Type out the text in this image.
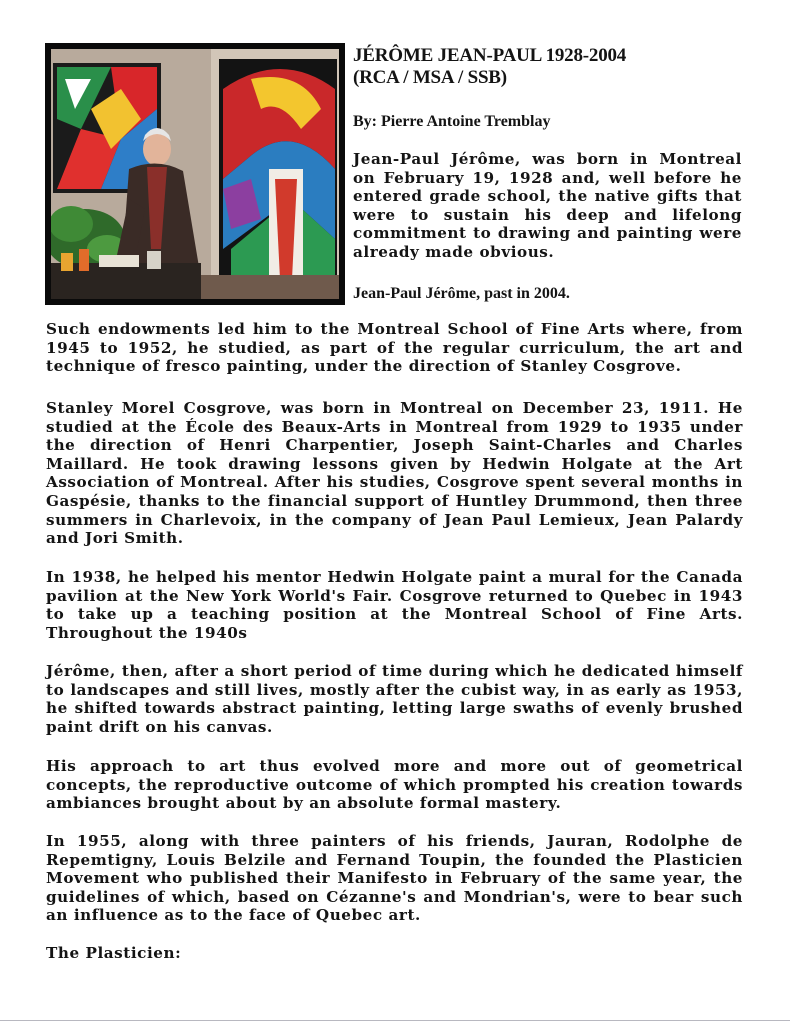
JÉRÔME JEAN-PAUL 1928-2004
(RCA / MSA / SSB)

By: Pierre Antoine Tremblay

Jean-Paul Jérôme, was born in Montreal on February 19, 1928 and, well before he entered grade school, the native gifts that were to sustain his deep and lifelong commitment to drawing and painting were already made obvious.

Jean-Paul Jérôme, past in 2004.

Such endowments led him to the Montreal School of Fine Arts where, from 1945 to 1952, he studied, as part of the regular curriculum, the art and technique of fresco painting, under the direction of Stanley Cosgrove.

Stanley Morel Cosgrove, was born in Montreal on December 23, 1911. He studied at the École des Beaux-Arts in Montreal from 1929 to 1935 under the direction of Henri Charpentier, Joseph Saint-Charles and Charles Maillard. He took drawing lessons given by Hedwin Holgate at the Art Association of Montreal. After his studies, Cosgrove spent several months in Gaspésie, thanks to the financial support of Huntley Drummond, then three summers in Charlevoix, in the company of Jean Paul Lemieux, Jean Palardy and Jori Smith.

In 1938, he helped his mentor Hedwin Holgate paint a mural for the Canada pavilion at the New York World's Fair. Cosgrove returned to Quebec in 1943 to take up a teaching position at the Montreal School of Fine Arts. Throughout the 1940s

Jérôme, then, after a short period of time during which he dedicated himself to landscapes and still lives, mostly after the cubist way, in as early as 1953, he shifted towards abstract painting, letting large swaths of evenly brushed paint drift on his canvas.

His approach to art thus evolved more and more out of geometrical concepts, the reproductive outcome of which prompted his creation towards ambiances brought about by an absolute formal mastery.

In 1955, along with three painters of his friends, Jauran, Rodolphe de Repemtigny, Louis Belzile and Fernand Toupin, the founded the Plasticien Movement who published their Manifesto in February of the same year, the guidelines of which, based on Cézanne's and Mondrian's, were to bear such an influence as to the face of Quebec art.

The Plasticien:
